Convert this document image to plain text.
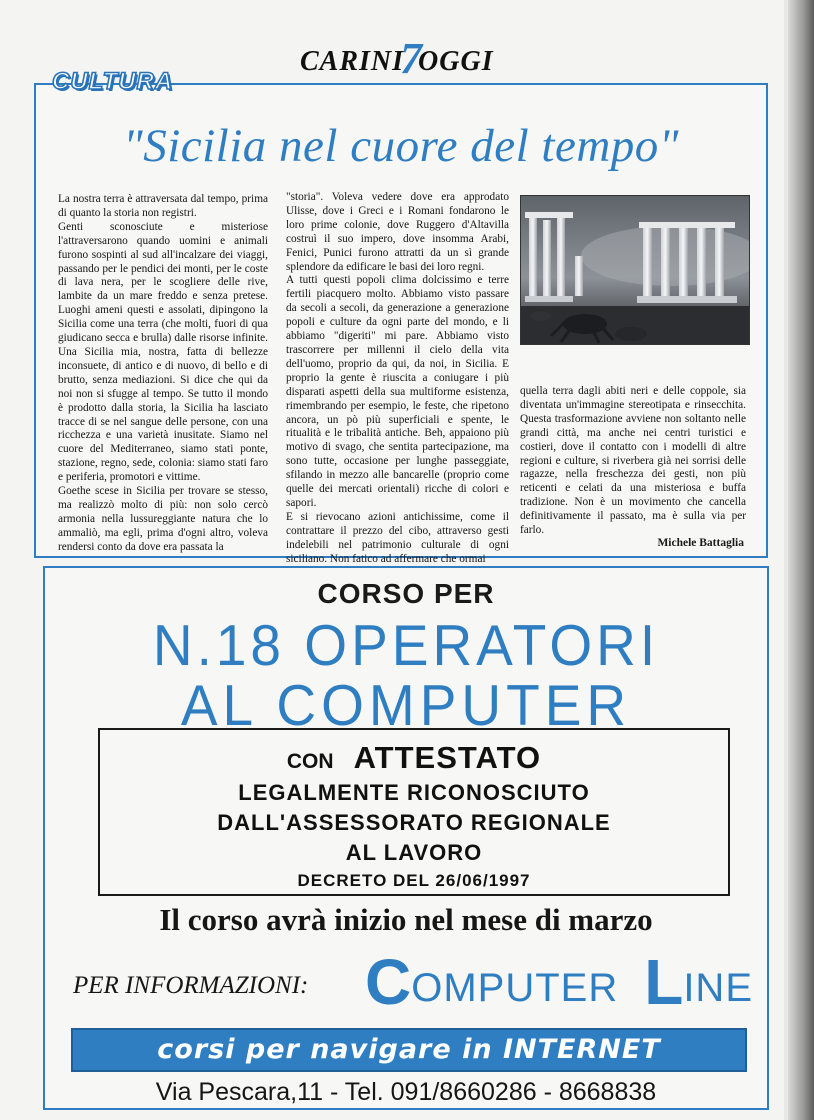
CARINI
7
OGGI
"Sicilia nel cuore del tempo"

La nostra terra è attraversata dal tempo, prima di quanto la storia non registri.

Genti sconosciute e misteriose l'attraversarono quando uomini e animali furono sospinti al sud all'incalzare dei viaggi, passando per le pendici dei monti, per le coste di lava nera, per le scogliere delle rive, lambite da un mare freddo e senza pretese. Luoghi ameni questi e assolati, dipingono la Sicilia come una terra (che molti, fuori di qua giudicano secca e brulla) dalle risorse infinite. Una Sicilia mia, nostra, fatta di bellezze inconsuete, di antico e di nuovo, di bello e di brutto, senza mediazioni. Si dice che qui da noi non si sfugge al tempo. Se tutto il mondo è prodotto dalla storia, la Sicilia ha lasciato tracce di se nel sangue delle persone, con una ricchezza e una varietà inusitate. Siamo nel cuore del Mediterraneo, siamo stati ponte, stazione, regno, sede, colonia: siamo stati faro e periferia, promotori e vittime.

Goethe scese in Sicilia per trovare se stesso, ma realizzò molto di più: non solo cercò armonia nella lussureggiante natura che lo ammaliò, ma egli, prima d'ogni altro, voleva rendersi conto da dove era passata la

"storia". Voleva vedere dove era approdato Ulisse, dove i Greci e i Romani fondarono le loro prime colonie, dove Ruggero d'Altavilla costruì il suo impero, dove insomma Arabi, Fenici, Punici furono attratti da un sì grande splendore da edificare le basi dei loro regni.

A tutti questi popoli clima dolcissimo e terre fertili piacquero molto. Abbiamo visto passare da secoli a secoli, da generazione a generazione popoli e culture da ogni parte del mondo, e li abbiamo "digeriti" mi pare. Abbiamo visto trascorrere per millenni il cielo della vita dell'uomo, proprio da qui, da noi, in Sicilia. E proprio la gente è riuscita a coniugare i più disparati aspetti della sua multiforme esistenza, rimembrando per esempio, le feste, che ripetono ancora, un pò più superficiali e spente, le ritualità e le tribalità antiche. Beh, appaiono più motivo di svago, che sentita partecipazione, ma sono tutte, occasione per lunghe passeggiate, sfilando in mezzo alle bancarelle (proprio come quelle dei mercati orientali) ricche di colori e sapori.

E si rievocano azioni antichissime, come il contrattare il prezzo del cibo, attraverso gesti indelebili nel patrimonio culturale di ogni siciliano. Non fatico ad affermare che ormai

quella terra dagli abiti neri e delle coppole, sia diventata un'immagine stereotipata e rinsecchita. Questa trasformazione avviene non soltanto nelle grandi città, ma anche nei centri turistici e costieri, dove il contatto con i modelli di altre regioni e culture, si riverbera già nei sorrisi delle ragazze, nella freschezza dei gesti, non più reticenti e celati da una misteriosa e buffa tradizione. Non è un movimento che cancella definitivamente il passato, ma è sulla via per farlo.

Michele Battaglia
CULTURA
CORSO PER
N.18 OPERATORI
AL COMPUTER
CON ATTESTATO
LEGALMENTE RICONOSCIUTO
DALL'ASSESSORATO REGIONALE
AL LAVORO
DECRETO DEL 26/06/1997
Il corso avrà inizio nel mese di marzo
PER INFORMAZIONI: C OMPUTER L INE
corsi per navigare in INTERNET
Via Pescara,11 - Tel. 091/8660286 - 8668838
